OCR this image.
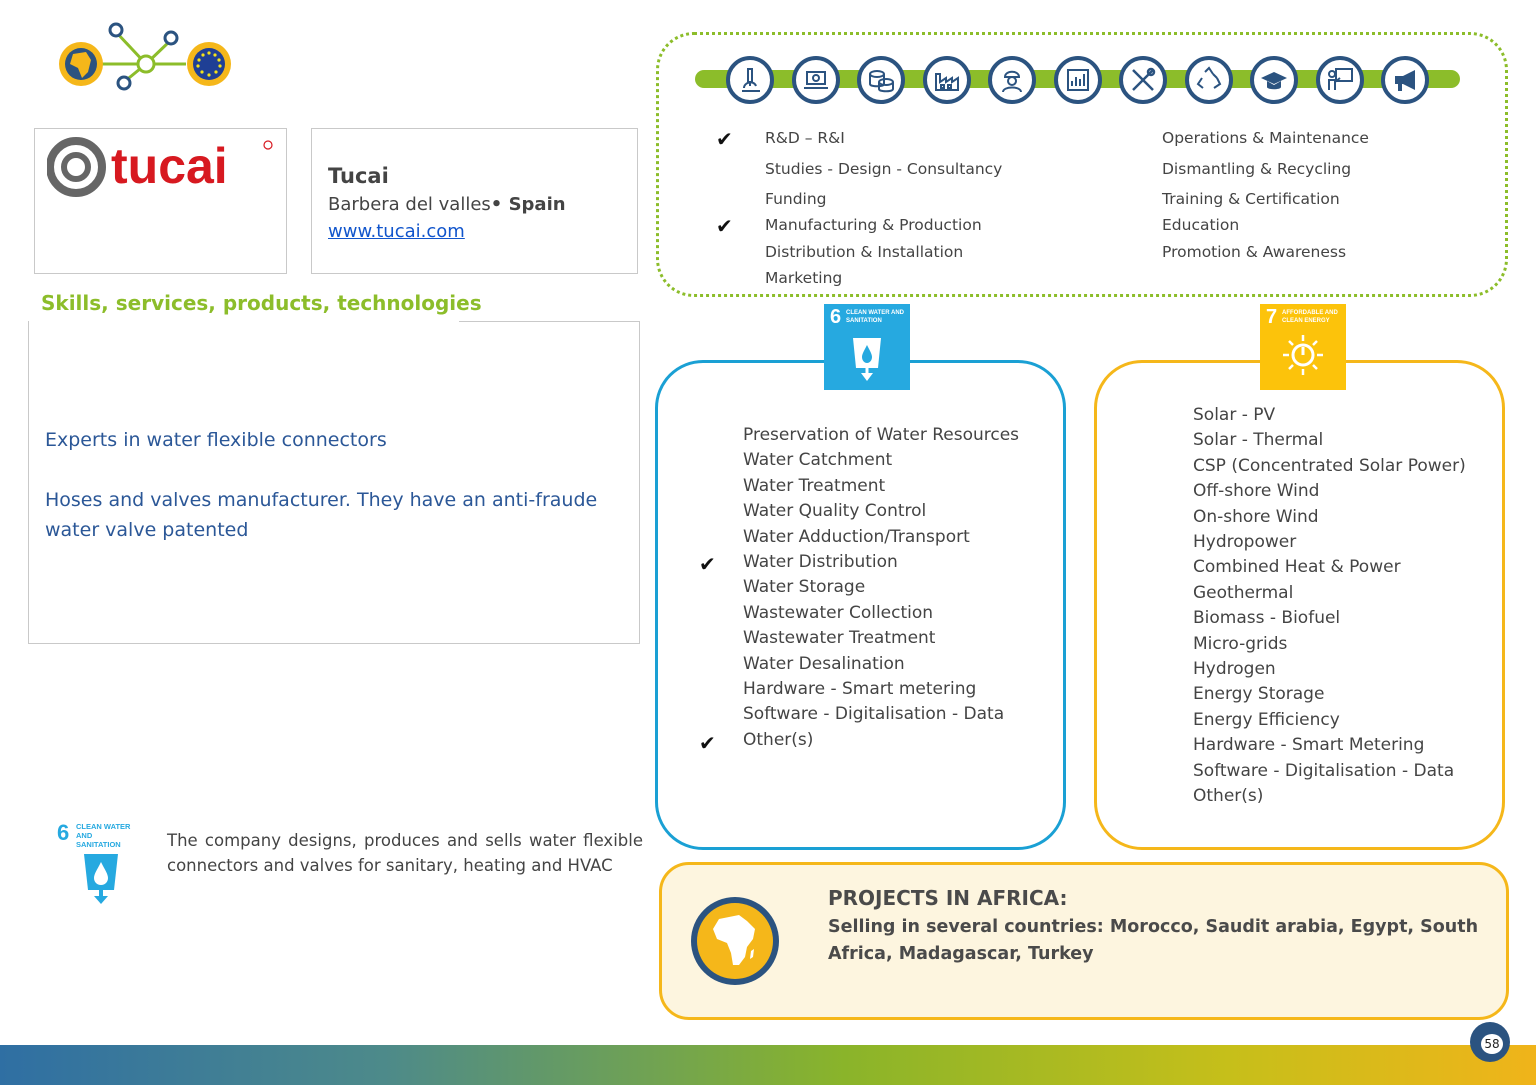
tucai	Tucai
Barbera del valles• Spain
www.tucai.com
Skills, services, products, technologies

Experts in water flexible connectors

Hoses and valves manufacturer. They have an anti-fraude water valve patented

6 CLEAN WATER AND SANITATION	The company designs, produces and sells water flexible connectors and valves for sanitary, heating and HVAC
✔
✔
R&D – R&I
Studies - Design - Consultancy
Funding
Manufacturing & Production
Distribution & Installation
Marketing
Operations & Maintenance
Dismantling & Recycling
Training & Certification
Education
Promotion & Awareness
6 CLEAN WATER AND SANITATION
✔
✔
Preservation of Water Resources
Water Catchment
Water Treatment
Water Quality Control
Water Adduction/Transport
Water Distribution
Water Storage
Wastewater Collection
Wastewater Treatment
Water Desalination
Hardware - Smart metering
Software - Digitalisation - Data
Other(s)
7 AFFORDABLE AND CLEAN ENERGY
Solar - PV
Solar - Thermal
CSP (Concentrated Solar Power)
Off-shore Wind
On-shore Wind
Hydropower
Combined Heat & Power
Geothermal
Biomass - Biofuel
Micro-grids
Hydrogen
Energy Storage
Energy Efficiency
Hardware - Smart Metering
Software - Digitalisation - Data
Other(s)
PROJECTS IN AFRICA:
Selling in several countries: Morocco, Saudit arabia, Egypt, South Africa, Madagascar, Turkey
58
